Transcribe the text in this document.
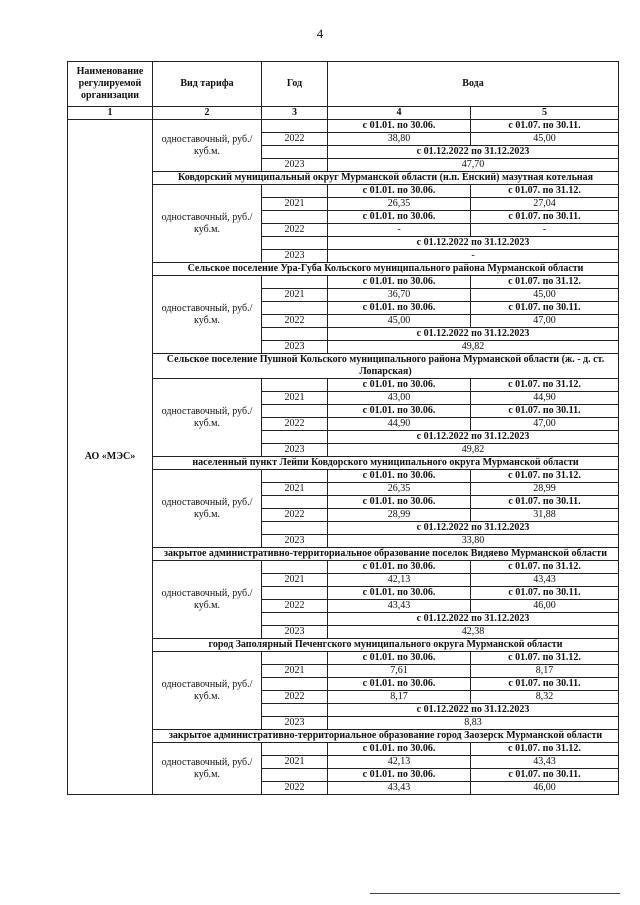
4
Наименование регулируемой организации	Вид тарифа	Год	Вода	
1	2	3	4	5
АО «МЭС»	одноставочный, руб./куб.м.		с 01.01. по 30.06.	с 01.07. по 30.11.
		2022	38,80	45,00
			с 01.12.2022 по 31.12.2023	
		2023	47,70	
	Ковдорский муниципальный округ Мурманской области (н.п. Енский) мазутная котельная			
	одноставочный, руб./куб.м.		с 01.01. по 30.06.	с 01.07. по 31.12.
		2021	26,35	27,04
			с 01.01. по 30.06.	с 01.07. по 30.11.
		2022	-	-
			с 01.12.2022 по 31.12.2023	
		2023	-	
	Сельское поселение Ура-Губа Кольского муниципального района Мурманской области			
	одноставочный, руб./куб.м.		с 01.01. по 30.06.	с 01.07. по 31.12.
		2021	36,70	45,00
			с 01.01. по 30.06.	с 01.07. по 30.11.
		2022	45,00	47,00
			с 01.12.2022 по 31.12.2023	
		2023	49,82	
	Сельское поселение Пушной Кольского муниципального района Мурманской области (ж. - д. ст. Лопарская)			
	одноставочный, руб./куб.м.		с 01.01. по 30.06.	с 01.07. по 31.12.
		2021	43,00	44,90
			с 01.01. по 30.06.	с 01.07. по 30.11.
		2022	44,90	47,00
			с 01.12.2022 по 31.12.2023	
		2023	49,82	
	населенный пункт Лейпи Ковдорского муниципального округа Мурманской области			
	одноставочный, руб./куб.м.		с 01.01. по 30.06.	с 01.07. по 31.12.
		2021	26,35	28,99
			с 01.01. по 30.06.	с 01.07. по 30.11.
		2022	28,99	31,88
			с 01.12.2022 по 31.12.2023	
		2023	33,80	
	закрытое административно-территориальное образование поселок Видяево Мурманской области			
	одноставочный, руб./куб.м.		с 01.01. по 30.06.	с 01.07. по 31.12.
		2021	42,13	43,43
			с 01.01. по 30.06.	с 01.07. по 30.11.
		2022	43,43	46,00
			с 01.12.2022 по 31.12.2023	
		2023	42,38	
	город Заполярный Печенгского муниципального округа Мурманской области			
	одноставочный, руб./куб.м.		с 01.01. по 30.06.	с 01.07. по 31.12.
		2021	7,61	8,17
			с 01.01. по 30.06.	с 01.07. по 30.11.
		2022	8,17	8,32
			с 01.12.2022 по 31.12.2023	
		2023	8,83	
	закрытое административно-территориальное образование город Заозерск Мурманской области			
	одноставочный, руб./куб.м.		с 01.01. по 30.06.	с 01.07. по 31.12.
		2021	42,13	43,43
			с 01.01. по 30.06.	с 01.07. по 30.11.
		2022	43,43	46,00
